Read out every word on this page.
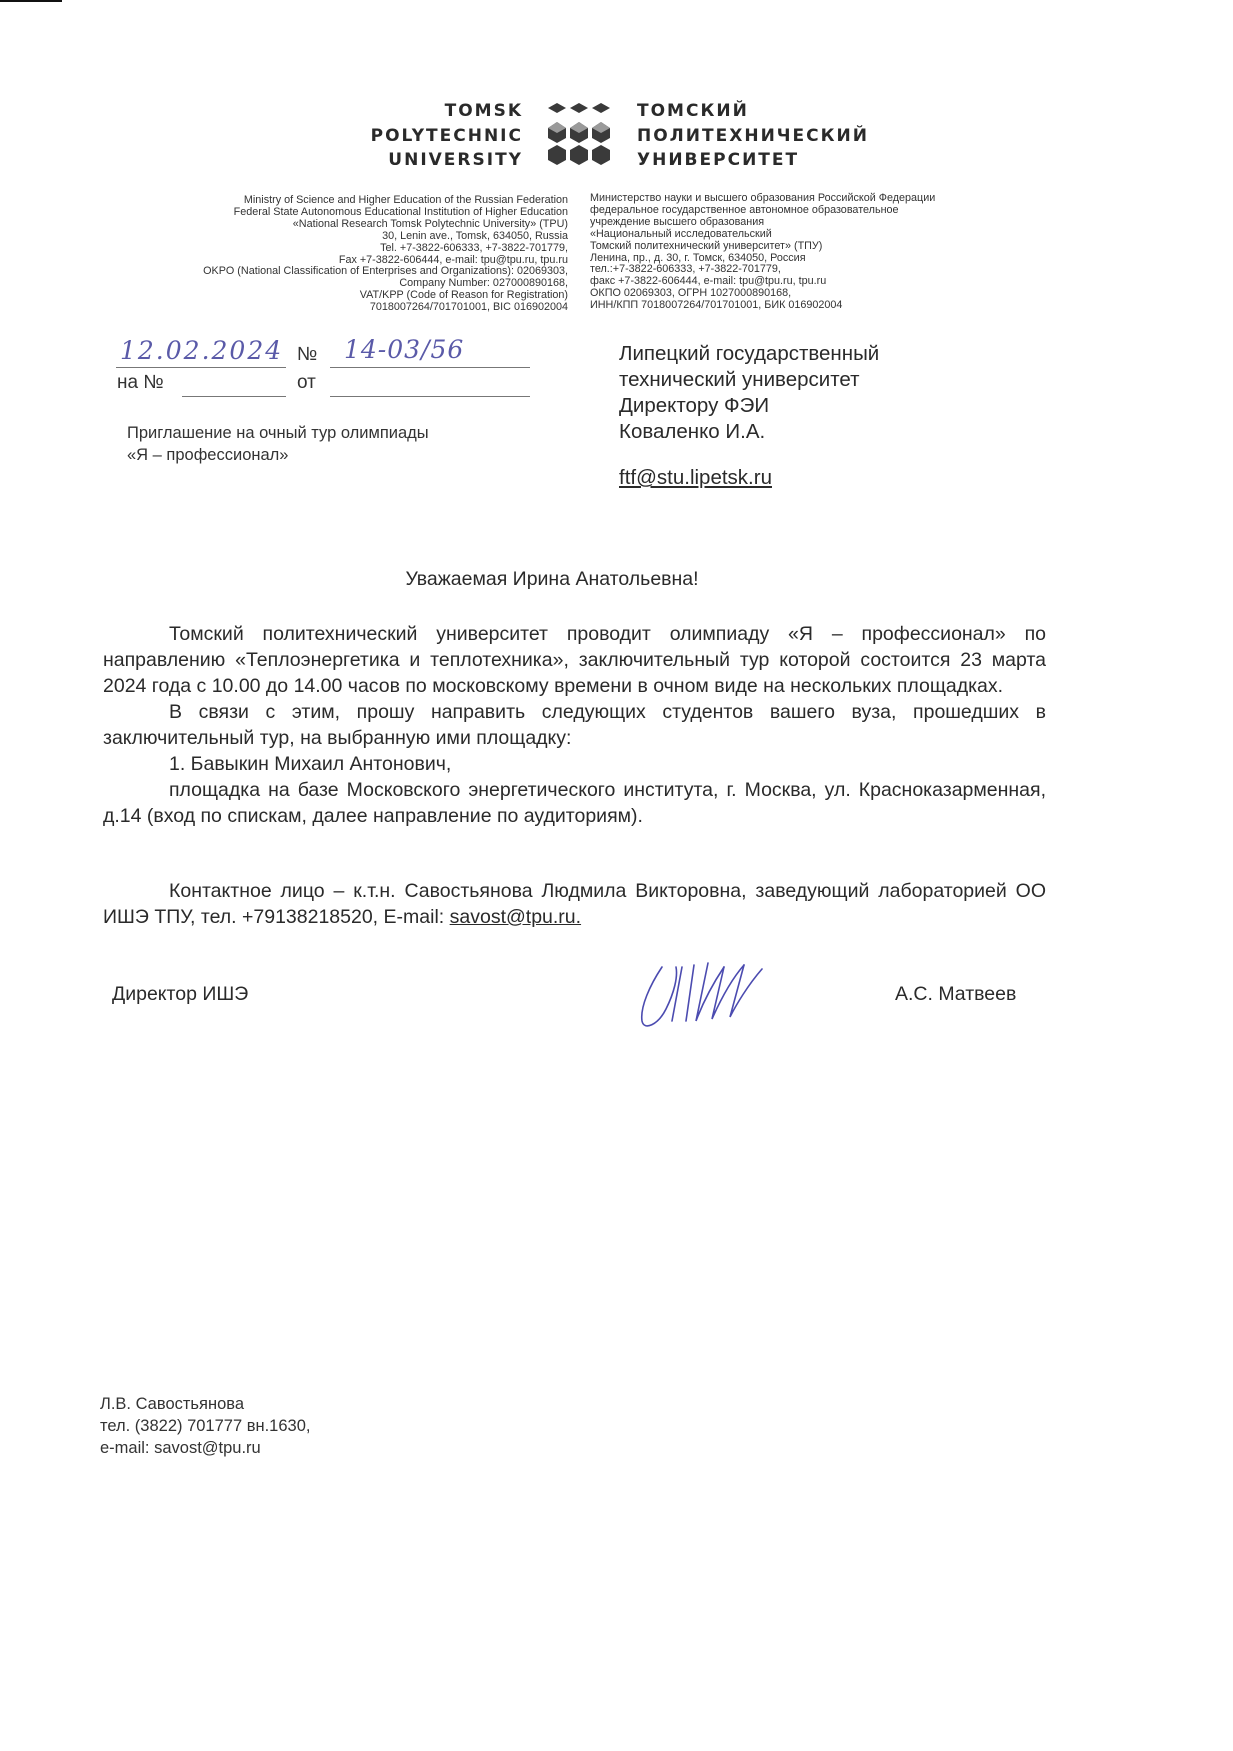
TOMSK
POLYTECHNIC
UNIVERSITY
ТОМСКИЙ
ПОЛИТЕХНИЧЕСКИЙ
УНИВЕРСИТЕТ
Ministry of Science and Higher Education of the Russian Federation
Federal State Autonomous Educational Institution of Higher Education
«National Research Tomsk Polytechnic University» (TPU)
30, Lenin ave., Tomsk, 634050, Russia
Tel. +7-3822-606333, +7-3822-701779,
Fax +7-3822-606444, e-mail: tpu@tpu.ru, tpu.ru
OKPO (National Classification of Enterprises and Organizations): 02069303,
Company Number: 027000890168,
VAT/KPP (Code of Reason for Registration)
7018007264/701701001, BIC 016902004
Министерство науки и высшего образования Российской Федерации
федеральное государственное автономное образовательное
учреждение высшего образования
«Национальный исследовательский
Томский политехнический университет» (ТПУ)
Ленина, пр., д. 30, г. Томск, 634050, Россия
тел.:+7-3822-606333, +7-3822-701779,
факс +7-3822-606444, e-mail: tpu@tpu.ru, tpu.ru
ОКПО 02069303, ОГРН 1027000890168,
ИНН/КПП 7018007264/701701001, БИК 016902004
12.02.2024 № 14-03/56
на №	от
Приглашение на очный тур олимпиады
«Я – профессионал»
Липецкий государственный
технический университет
Директору ФЭИ
Коваленко И.А.
ftf@stu.lipetsk.ru
Уважаемая Ирина Анатольевна!

Томский политехнический университет проводит олимпиаду «Я – профессионал» по направлению «Теплоэнергетика и теплотехника», заключительный тур которой состоится 23 марта 2024 года с 10.00 до 14.00 часов по московскому времени в очном виде на нескольких площадках.

В связи с этим, прошу направить следующих студентов вашего вуза, прошедших в заключительный тур, на выбранную ими площадку:

1. Бавыкин Михаил Антонович,

площадка на базе Московского энергетического института, г. Москва, ул. Красноказарменная, д.14 (вход по спискам, далее направление по аудиториям).

Контактное лицо – к.т.н. Савостьянова Людмила Викторовна, заведующий лабораторией ОО ИШЭ ТПУ, тел. +79138218520, E-mail: savost@tpu.ru.

Директор ИШЭ	А.С. Матвеев
Л.В. Савостьянова
тел. (3822) 701777 вн.1630,
e-mail: savost@tpu.ru
